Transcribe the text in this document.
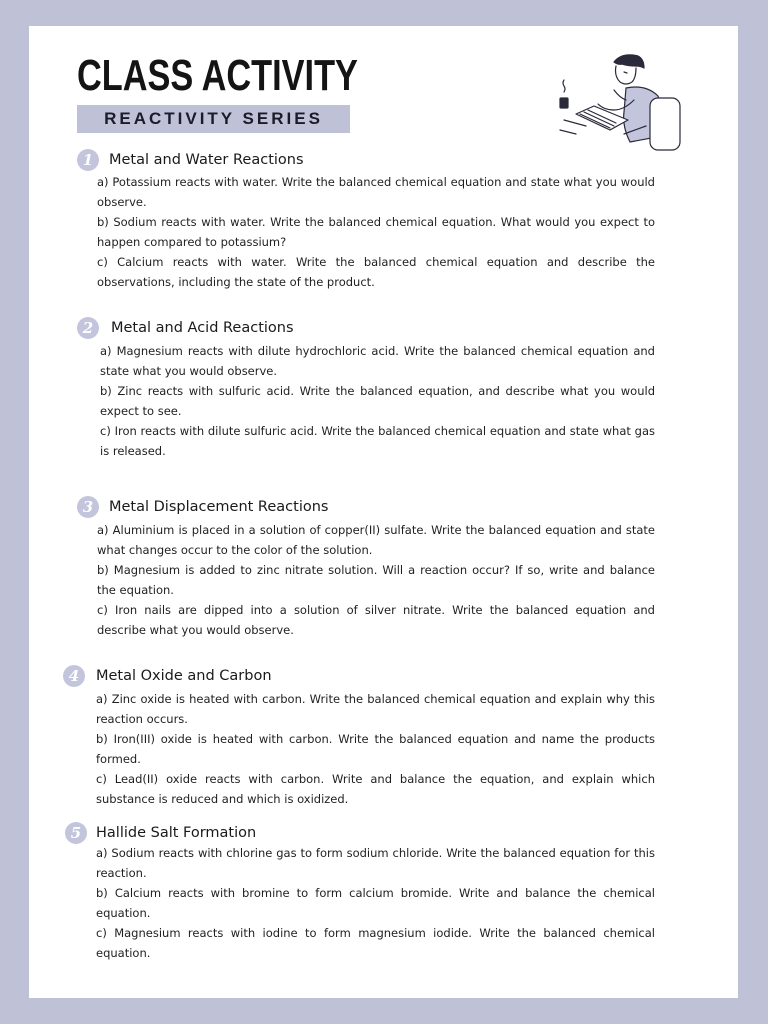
CLASS ACTIVITY
REACTIVITY SERIES
1	Metal and Water Reactions

a) Potassium reacts with water. Write the balanced chemical equation and state what you would observe.

b) Sodium reacts with water. Write the balanced chemical equation. What would you expect to happen compared to potassium?

c) Calcium reacts with water. Write the balanced chemical equation and describe the observations, including the state of the product.

2	Metal and Acid Reactions

a) Magnesium reacts with dilute hydrochloric acid. Write the balanced chemical equation and state what you would observe.

b) Zinc reacts with sulfuric acid. Write the balanced equation, and describe what you would expect to see.

c) Iron reacts with dilute sulfuric acid. Write the balanced chemical equation and state what gas is released.

3	Metal Displacement Reactions

a) Aluminium is placed in a solution of copper(II) sulfate. Write the balanced equation and state what changes occur to the color of the solution.

b) Magnesium is added to zinc nitrate solution. Will a reaction occur? If so, write and balance the equation.

c) Iron nails are dipped into a solution of silver nitrate. Write the balanced equation and describe what you would observe.

4	Metal Oxide and Carbon

a) Zinc oxide is heated with carbon. Write the balanced chemical equation and explain why this reaction occurs.

b) Iron(III) oxide is heated with carbon. Write the balanced equation and name the products formed.

c) Lead(II) oxide reacts with carbon. Write and balance the equation, and explain which substance is reduced and which is oxidized.

5	Hallide Salt Formation

a) Sodium reacts with chlorine gas to form sodium chloride. Write the balanced equation for this reaction.

b) Calcium reacts with bromine to form calcium bromide. Write and balance the chemical equation.

c) Magnesium reacts with iodine to form magnesium iodide. Write the balanced chemical equation.
